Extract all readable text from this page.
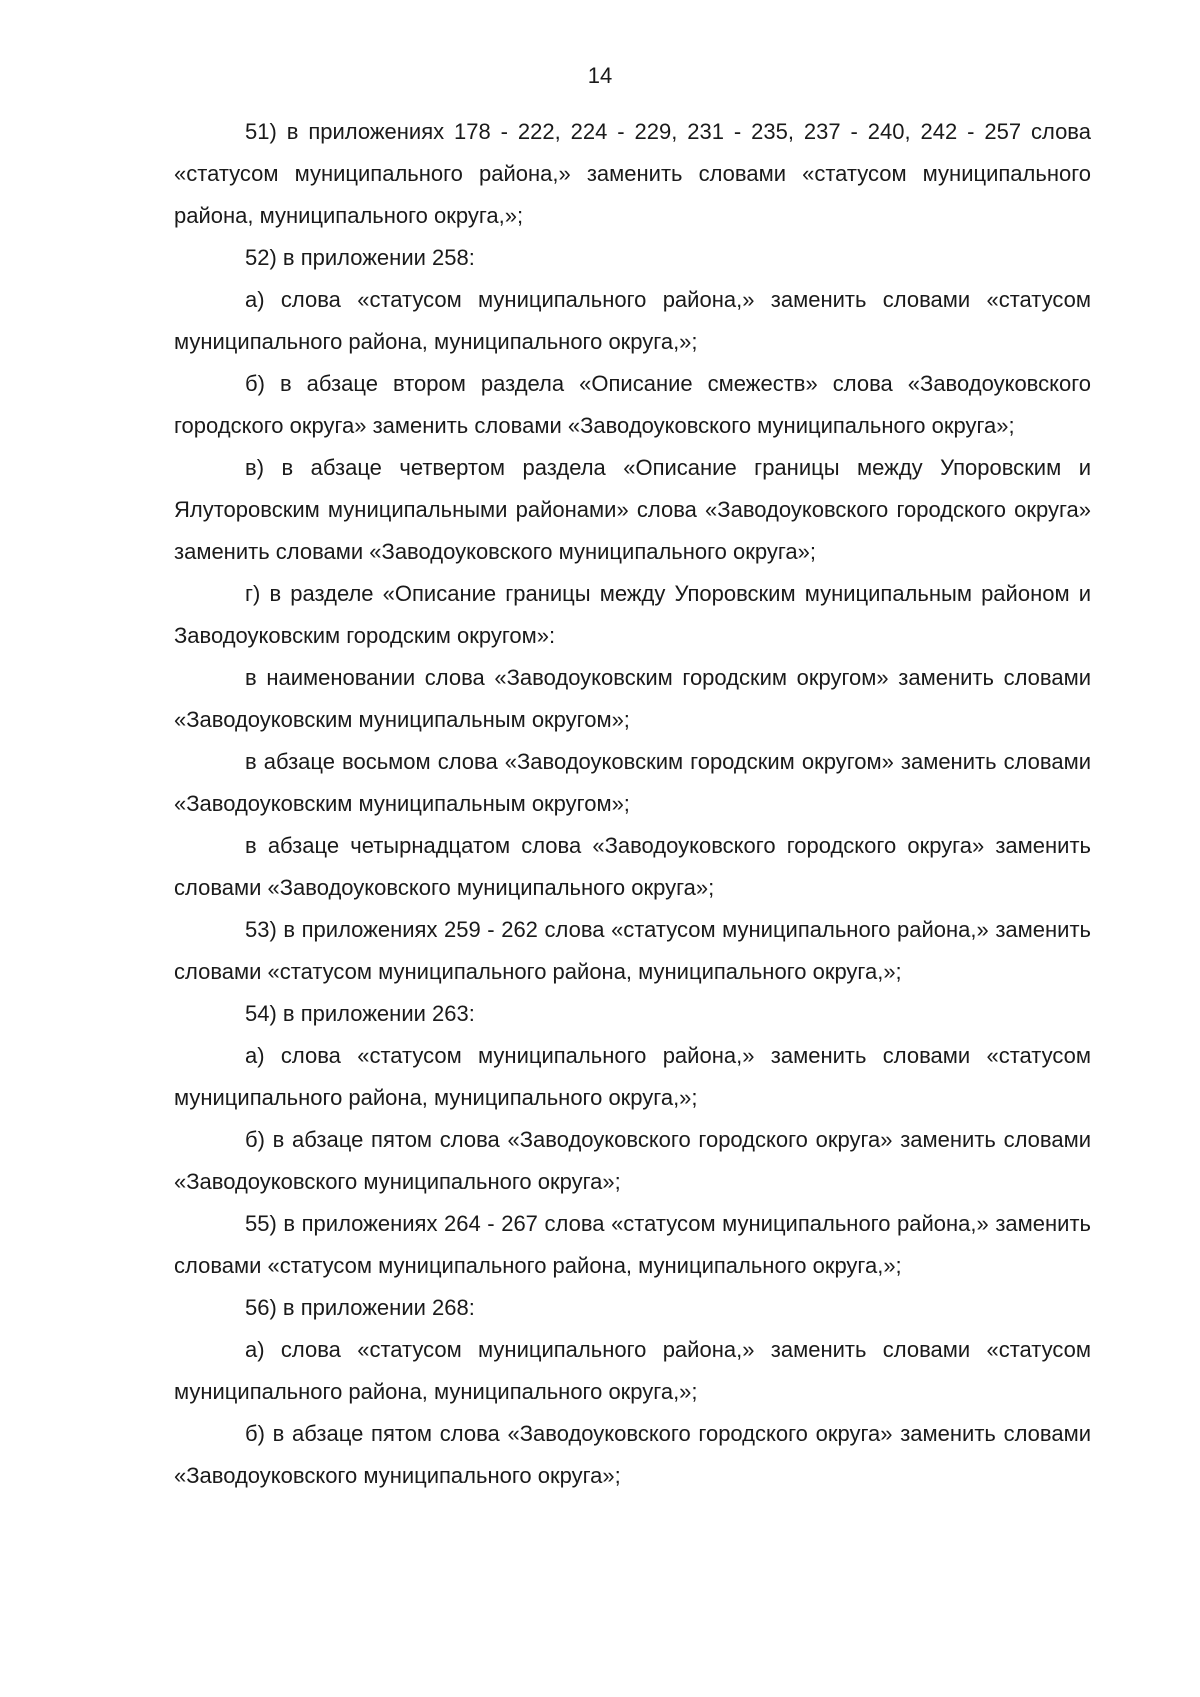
14

51) в приложениях 178 - 222, 224 - 229, 231 - 235, 237 - 240, 242 - 257 слова «статусом муниципального района,» заменить словами «статусом муниципального района, муниципального округа,»;

52) в приложении 258:

а) слова «статусом муниципального района,» заменить словами «статусом муниципального района, муниципального округа,»;

б) в абзаце втором раздела «Описание смежеств» слова «Заводоуковского городского округа» заменить словами «Заводоуковского муниципального округа»;

в) в абзаце четвертом раздела «Описание границы между Упоровским и Ялуторовским муниципальными районами» слова «Заводоуковского городского округа» заменить словами «Заводоуковского муниципального округа»;

г) в разделе «Описание границы между Упоровским муниципальным районом и Заводоуковским городским округом»:

в наименовании слова «Заводоуковским городским округом» заменить словами «Заводоуковским муниципальным округом»;

в абзаце восьмом слова «Заводоуковским городским округом» заменить словами «Заводоуковским муниципальным округом»;

в абзаце четырнадцатом слова «Заводоуковского городского округа» заменить словами «Заводоуковского муниципального округа»;

53) в приложениях 259 - 262 слова «статусом муниципального района,» заменить словами «статусом муниципального района, муниципального округа,»;

54) в приложении 263:

а) слова «статусом муниципального района,» заменить словами «статусом муниципального района, муниципального округа,»;

б) в абзаце пятом слова «Заводоуковского городского округа» заменить словами «Заводоуковского муниципального округа»;

55) в приложениях 264 - 267 слова «статусом муниципального района,» заменить словами «статусом муниципального района, муниципального округа,»;

56) в приложении 268:

а) слова «статусом муниципального района,» заменить словами «статусом муниципального района, муниципального округа,»;

б) в абзаце пятом слова «Заводоуковского городского округа» заменить словами «Заводоуковского муниципального округа»;
